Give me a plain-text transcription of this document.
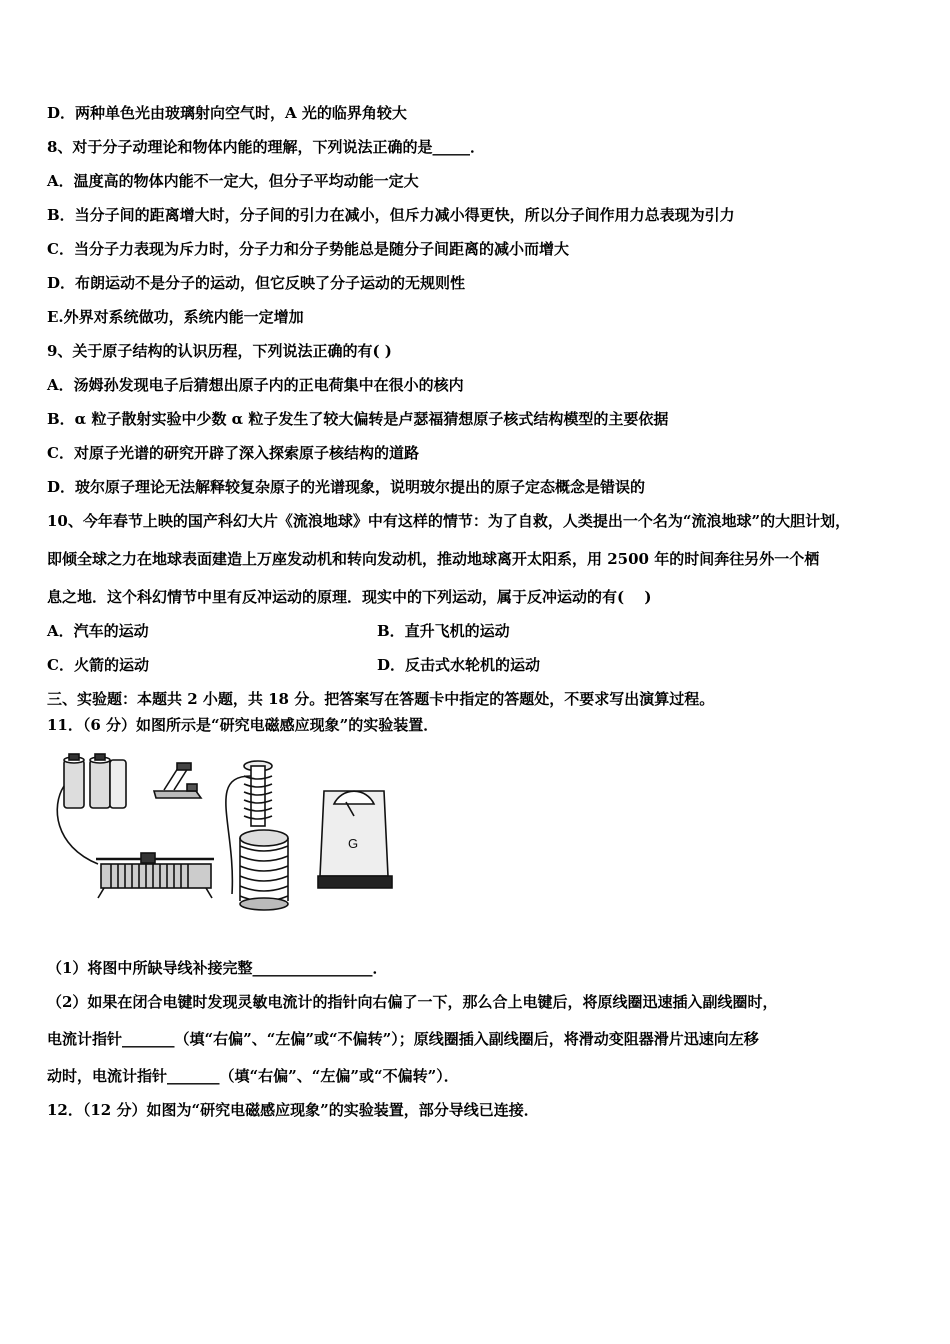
D．两种单色光由玻璃射向空气时，A 光的临界角较大
8、对于分子动理论和物体内能的理解，下列说法正确的是_____．
A．温度高的物体内能不一定大，但分子平均动能一定大
B．当分子间的距离增大时，分子间的引力在减小，但斥力减小得更快，所以分子间作用力总表现为引力
C．当分子力表现为斥力时，分子力和分子势能总是随分子间距离的减小而增大
D．布朗运动不是分子的运动，但它反映了分子运动的无规则性
E.外界对系统做功，系统内能一定增加
9、关于原子结构的认识历程，下列说法正确的有( )
A．汤姆孙发现电子后猜想出原子内的正电荷集中在很小的核内
B．α 粒子散射实验中少数 α 粒子发生了较大偏转是卢瑟福猜想原子核式结构模型的主要依据
C．对原子光谱的研究开辟了深入探索原子核结构的道路
D．玻尔原子理论无法解释较复杂原子的光谱现象，说明玻尔提出的原子定态概念是错误的
10、今年春节上映的国产科幻大片《流浪地球》中有这样的情节：为了自救，人类提出一个名为“流浪地球”的大胆计划，
即倾全球之力在地球表面建造上万座发动机和转向发动机，推动地球离开太阳系，用 2500 年的时间奔往另外一个栖
息之地．这个科幻情节中里有反冲运动的原理．现实中的下列运动，属于反冲运动的有(　 )
A．汽车的运动	B．直升飞机的运动
C．火箭的运动	D．反击式水轮机的运动
三、实验题：本题共 2 小题，共 18 分。把答案写在答题卡中指定的答题处，不要求写出演算过程。
11．（6 分）如图所示是“研究电磁感应现象”的实验装置．
G
（1）将图中所缺导线补接完整________________．
（2）如果在闭合电键时发现灵敏电流计的指针向右偏了一下，那么合上电键后，将原线圈迅速插入副线圈时，
电流计指针_______（填“右偏”、“左偏”或“不偏转”）；原线圈插入副线圈后，将滑动变阻器滑片迅速向左移
动时，电流计指针_______（填“右偏”、“左偏”或“不偏转”）．
12．（12 分）如图为“研究电磁感应现象”的实验装置，部分导线已连接．
